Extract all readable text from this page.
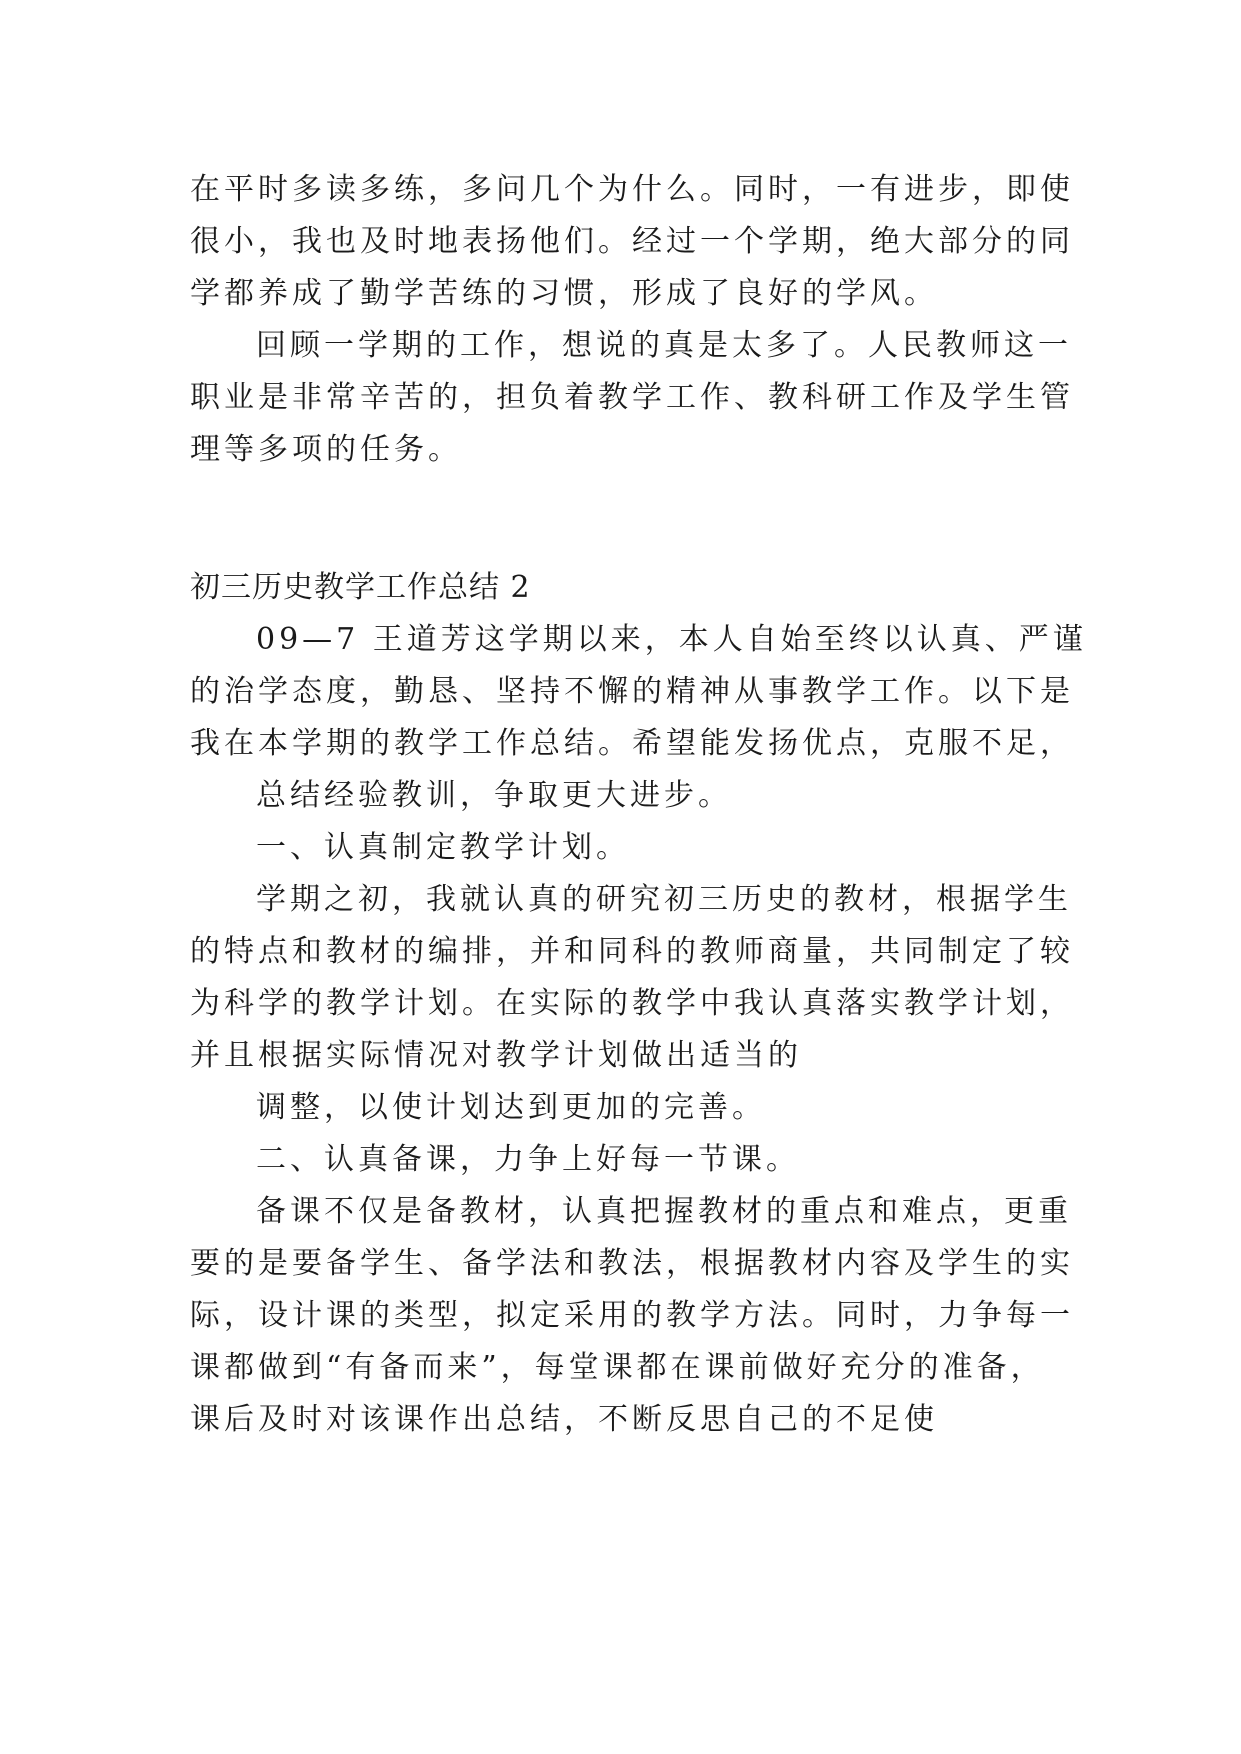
在平时多读多练，多问几个为什么。同时，一有进步，即使
很小，我也及时地表扬他们。经过一个学期，绝大部分的同
学都养成了勤学苦练的习惯，形成了良好的学风。
回顾一学期的工作，想说的真是太多了。人民教师这一
职业是非常辛苦的，担负着教学工作、教科研工作及学生管
理等多项的任务。
初三历史教学工作总结 2
09—7 王道芳这学期以来，本人自始至终以认真、严谨
的治学态度，勤恳、坚持不懈的精神从事教学工作。以下是
我在本学期的教学工作总结。希望能发扬优点，克服不足，
总结经验教训，争取更大进步。
一、认真制定教学计划。
学期之初，我就认真的研究初三历史的教材，根据学生
的特点和教材的编排，并和同科的教师商量，共同制定了较
为科学的教学计划。在实际的教学中我认真落实教学计划，
并且根据实际情况对教学计划做出适当的
调整，以使计划达到更加的完善。
二、认真备课，力争上好每一节课。
备课不仅是备教材，认真把握教材的重点和难点，更重
要的是要备学生、备学法和教法，根据教材内容及学生的实
际，设计课的类型，拟定采用的教学方法。同时，力争每一
课都做到“有备而来”，每堂课都在课前做好充分的准备，
课后及时对该课作出总结，不断反思自己的不足使
